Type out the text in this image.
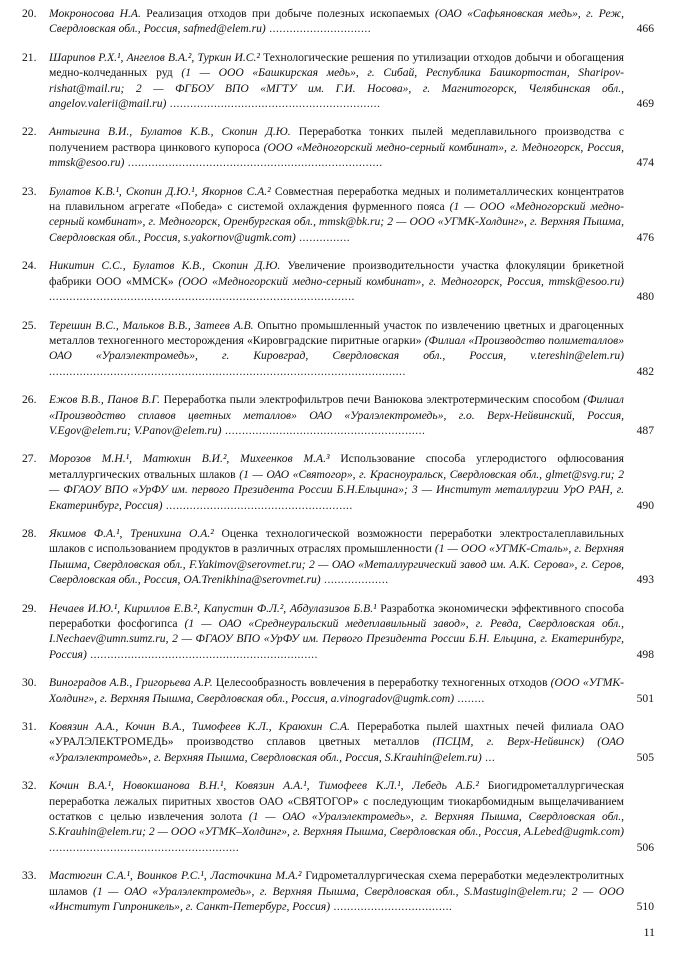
20.	Мокроносова Н.А. Реализация отходов при добыче полезных ископаемых (ОАО «Сафьяновская медь», г. Реж, Свердловская обл., Россия, safmed@elem.ru) ..............................	466
21.	Шарипов Р.Х.¹, Ангелов В.А.², Туркин И.С.² Технологические решения по утилизации отходов добычи и обогащения медно-колчеданных руд (1 — ООО «Башкирская медь», г. Сибай, Республика Башкортостан, Sharipov-rishat@mail.ru; 2 — ФГБОУ ВПО «МГТУ им. Г.И. Носова», г. Магнитогорск, Челябинская обл., angelov.valerii@mail.ru) ..............................................................	469
22.	Антыгина В.И., Булатов К.В., Скопин Д.Ю. Переработка тонких пылей медеплавильного производства с получением раствора цинкового купороса (ООО «Медногорский медно-серный комбинат», г. Медногорск, Россия, mmsk@esoo.ru) ...........................................................................	474
23.	Булатов К.В.¹, Скопин Д.Ю.¹, Якорнов С.А.² Совместная переработка медных и полиметаллических концентратов на плавильном агрегате «Победа» с системой охлаждения фурменного пояса (1 — ООО «Медногорский медно-серный комбинат», г. Медногорск, Оренбургская обл., mmsk@bk.ru; 2 — ООО «УГМК-Холдинг», г. Верхняя Пышма, Свердловская обл., Россия, s.yakornov@ugmk.com) ...............	476
24.	Никитин С.С., Булатов К.В., Скопин Д.Ю. Увеличение производительности участка флокуляции брикетной фабрики ООО «ММСК» (ООО «Медногорский медно-серный комбинат», г. Медногорск, Россия, mmsk@esoo.ru) ..........................................................................................	480
25.	Терешин В.С., Мальков В.В., Затеев А.В. Опытно промышленный участок по извлечению цветных и драгоценных металлов техногенного месторождения «Кировградские пиритные огарки» (Филиал «Производство полиметаллов» ОАО «Уралэлектромедь», г. Кировград, Свердловская обл., Россия, v.tereshin@elem.ru) .........................................................................................................	482
26.	Ежов В.В., Панов В.Г. Переработка пыли электрофильтров печи Ванюкова электротермическим способом (Филиал «Производство сплавов цветных металлов» ОАО «Уралэлектромедь», г.о. Верх-Нейвинский, Россия, V.Egov@elem.ru; V.Panov@elem.ru) ...........................................................	487
27.	Морозов М.Н.¹, Матюхин В.И.², Михеенков М.А.³ Использование способа углеродистого офлюсования металлургических отвальных шлаков (1 — ОАО «Святогор», г. Красноуральск, Свердловская обл., glmet@svg.ru; 2 — ФГАОУ ВПО «УрФУ им. первого Президента России Б.Н.Ельцина»; 3 — Институт металлургии УрО РАН, г. Екатеринбург, Россия) .......................................................	490
28.	Якимов Ф.А.¹, Тренихина О.А.² Оценка технологической возможности переработки электросталеплавильных шлаков с использованием продуктов в различных отраслях промышленности (1 — ООО «УГМК-Сталь», г. Верхняя Пышма, Свердловская обл., F.Yakimov@serovmet.ru; 2 — ОАО «Металлургический завод им. А.К. Серова», г. Серов, Свердловская обл., Россия, OA.Trenikhina@serovmet.ru) ...................	493
29.	Нечаев И.Ю.¹, Кириллов Е.В.², Капустин Ф.Л.², Абдулазизов Б.В.¹ Разработка экономически эффективного способа переработки фосфогипса (1 — ОАО «Среднеуральский медеплавильный завод», г. Ревда, Свердловская обл., I.Nechaev@umn.sumz.ru, 2 — ФГАОУ ВПО «УрФУ им. Первого Президента России Б.Н. Ельцина, г. Екатеринбург, Россия) ...................................................................	498
30.	Виноградов А.В., Григорьева А.Р. Целесообразность вовлечения в переработку техногенных отходов (ООО «УГМК-Холдинг», г. Верхняя Пышма, Свердловская обл., Россия, a.vinogradov@ugmk.com) ........	501
31.	Ковязин А.А., Кочин В.А., Тимофеев К.Л., Краюхин С.А. Переработка пылей шахтных печей филиала ОАО «УРАЛЭЛЕКТРОМЕДЬ» производство сплавов цветных металлов (ПСЦМ, г. Верх-Нейвинск) (ОАО «Уралэлектромедь», г. Верхняя Пышма, Свердловская обл., Россия, S.Krauhin@elem.ru) ...	505
32.	Кочин В.А.¹, Новокшанова В.Н.¹, Ковязин А.А.¹, Тимофеев К.Л.¹, Лебедь А.Б.² Биогидрометаллургическая переработка лежалых пиритных хвостов ОАО «СВЯТОГОР» с последующим тиокарбомидным выщелачиванием остатков с целью извлечения золота (1 — ОАО «Уралэлектромедь», г. Верхняя Пышма, Свердловская обл., S.Krauhin@elem.ru; 2 — ООО «УГМК–Холдинг», г. Верхняя Пышма, Свердловская обл., Россия, A.Lebed@ugmk.com) ........................................................	506
33.	Мастюгин С.А.¹, Воинков Р.С.¹, Ласточкина М.А.² Гидрометаллургическая схема переработки медеэлектролитных шламов (1 — ОАО «Уралэлектромедь», г. Верхняя Пышма, Свердловская обл., S.Mastugin@elem.ru; 2 — ООО «Институт Гипроникель», г. Санкт-Петербург, Россия) ...................................	510
11
